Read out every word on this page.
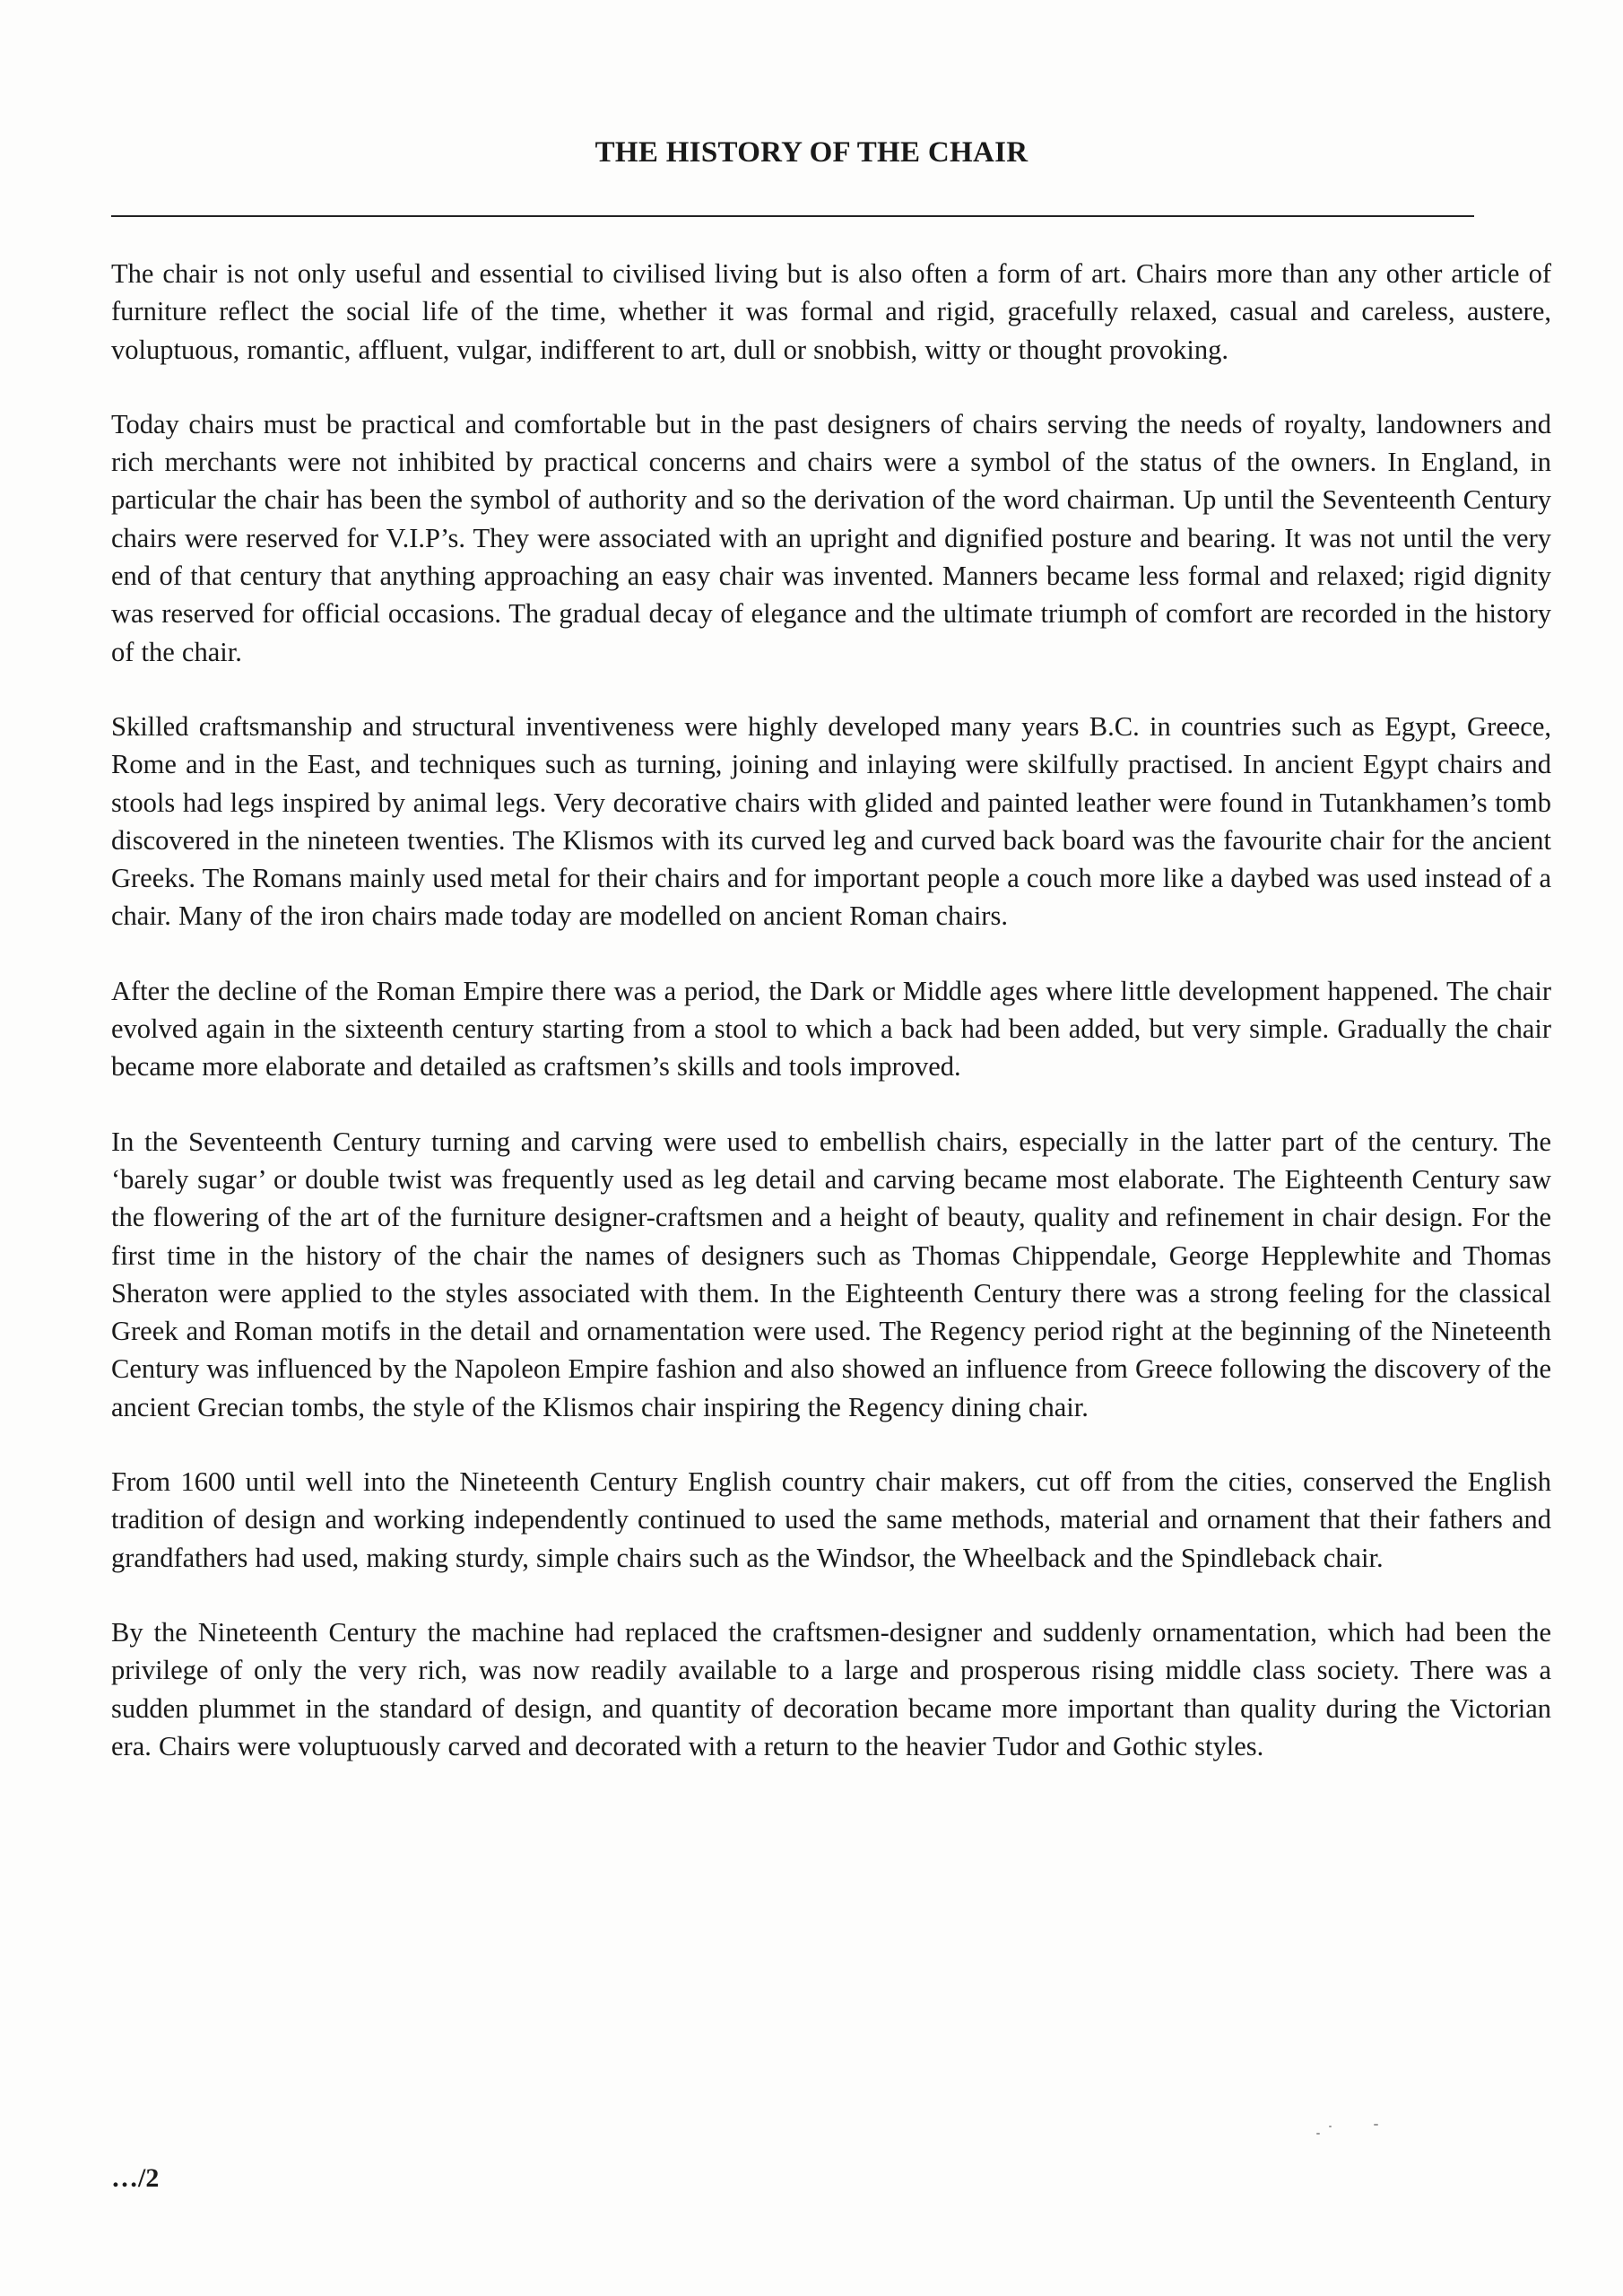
THE HISTORY OF THE CHAIR

The chair is not only useful and essential to civilised living but is also often a form of art. Chairs more than any other article of furniture reflect the social life of the time, whether it was formal and rigid, gracefully relaxed, casual and careless, austere, voluptuous, romantic, affluent, vulgar, indifferent to art, dull or snobbish, witty or thought provoking.

Today chairs must be practical and comfortable but in the past designers of chairs serving the needs of royalty, landowners and rich merchants were not inhibited by practical concerns and chairs were a symbol of the status of the owners. In England, in particular the chair has been the symbol of authority and so the derivation of the word chairman. Up until the Seventeenth Century chairs were reserved for V.I.P’s. They were associated with an upright and dignified posture and bearing. It was not until the very end of that century that anything approaching an easy chair was invented. Manners became less formal and relaxed; rigid dignity was reserved for official occasions. The gradual decay of elegance and the ultimate triumph of comfort are recorded in the history of the chair.

Skilled craftsmanship and structural inventiveness were highly developed many years B.C. in countries such as Egypt, Greece, Rome and in the East, and techniques such as turning, joining and inlaying were skilfully practised. In ancient Egypt chairs and stools had legs inspired by animal legs. Very decorative chairs with glided and painted leather were found in Tutankhamen’s tomb discovered in the nineteen twenties. The Klismos with its curved leg and curved back board was the favourite chair for the ancient Greeks. The Romans mainly used metal for their chairs and for important people a couch more like a daybed was used instead of a chair. Many of the iron chairs made today are modelled on ancient Roman chairs.

After the decline of the Roman Empire there was a period, the Dark or Middle ages where little development happened. The chair evolved again in the sixteenth century starting from a stool to which a back had been added, but very simple. Gradually the chair became more elaborate and detailed as craftsmen’s skills and tools improved.

In the Seventeenth Century turning and carving were used to embellish chairs, especially in the latter part of the century. The ‘barely sugar’ or double twist was frequently used as leg detail and carving became most elaborate. The Eighteenth Century saw the flowering of the art of the furniture designer-craftsmen and a height of beauty, quality and refinement in chair design. For the first time in the history of the chair the names of designers such as Thomas Chippendale, George Hepplewhite and Thomas Sheraton were applied to the styles associated with them. In the Eighteenth Century there was a strong feeling for the classical Greek and Roman motifs in the detail and ornamentation were used. The Regency period right at the beginning of the Nineteenth Century was influenced by the Napoleon Empire fashion and also showed an influence from Greece following the discovery of the ancient Grecian tombs, the style of the Klismos chair inspiring the Regency dining chair.

From 1600 until well into the Nineteenth Century English country chair makers, cut off from the cities, conserved the English tradition of design and working independently continued to used the same methods, material and ornament that their fathers and grandfathers had used, making sturdy, simple chairs such as the Windsor, the Wheelback and the Spindleback chair.

By the Nineteenth Century the machine had replaced the craftsmen-designer and suddenly ornamentation, which had been the privilege of only the very rich, was now readily available to a large and prosperous rising middle class society. There was a sudden plummet in the standard of design, and quantity of decoration became more important than quality during the Victorian era. Chairs were voluptuously carved and decorated with a return to the heavier Tudor and Gothic styles.

…/2
